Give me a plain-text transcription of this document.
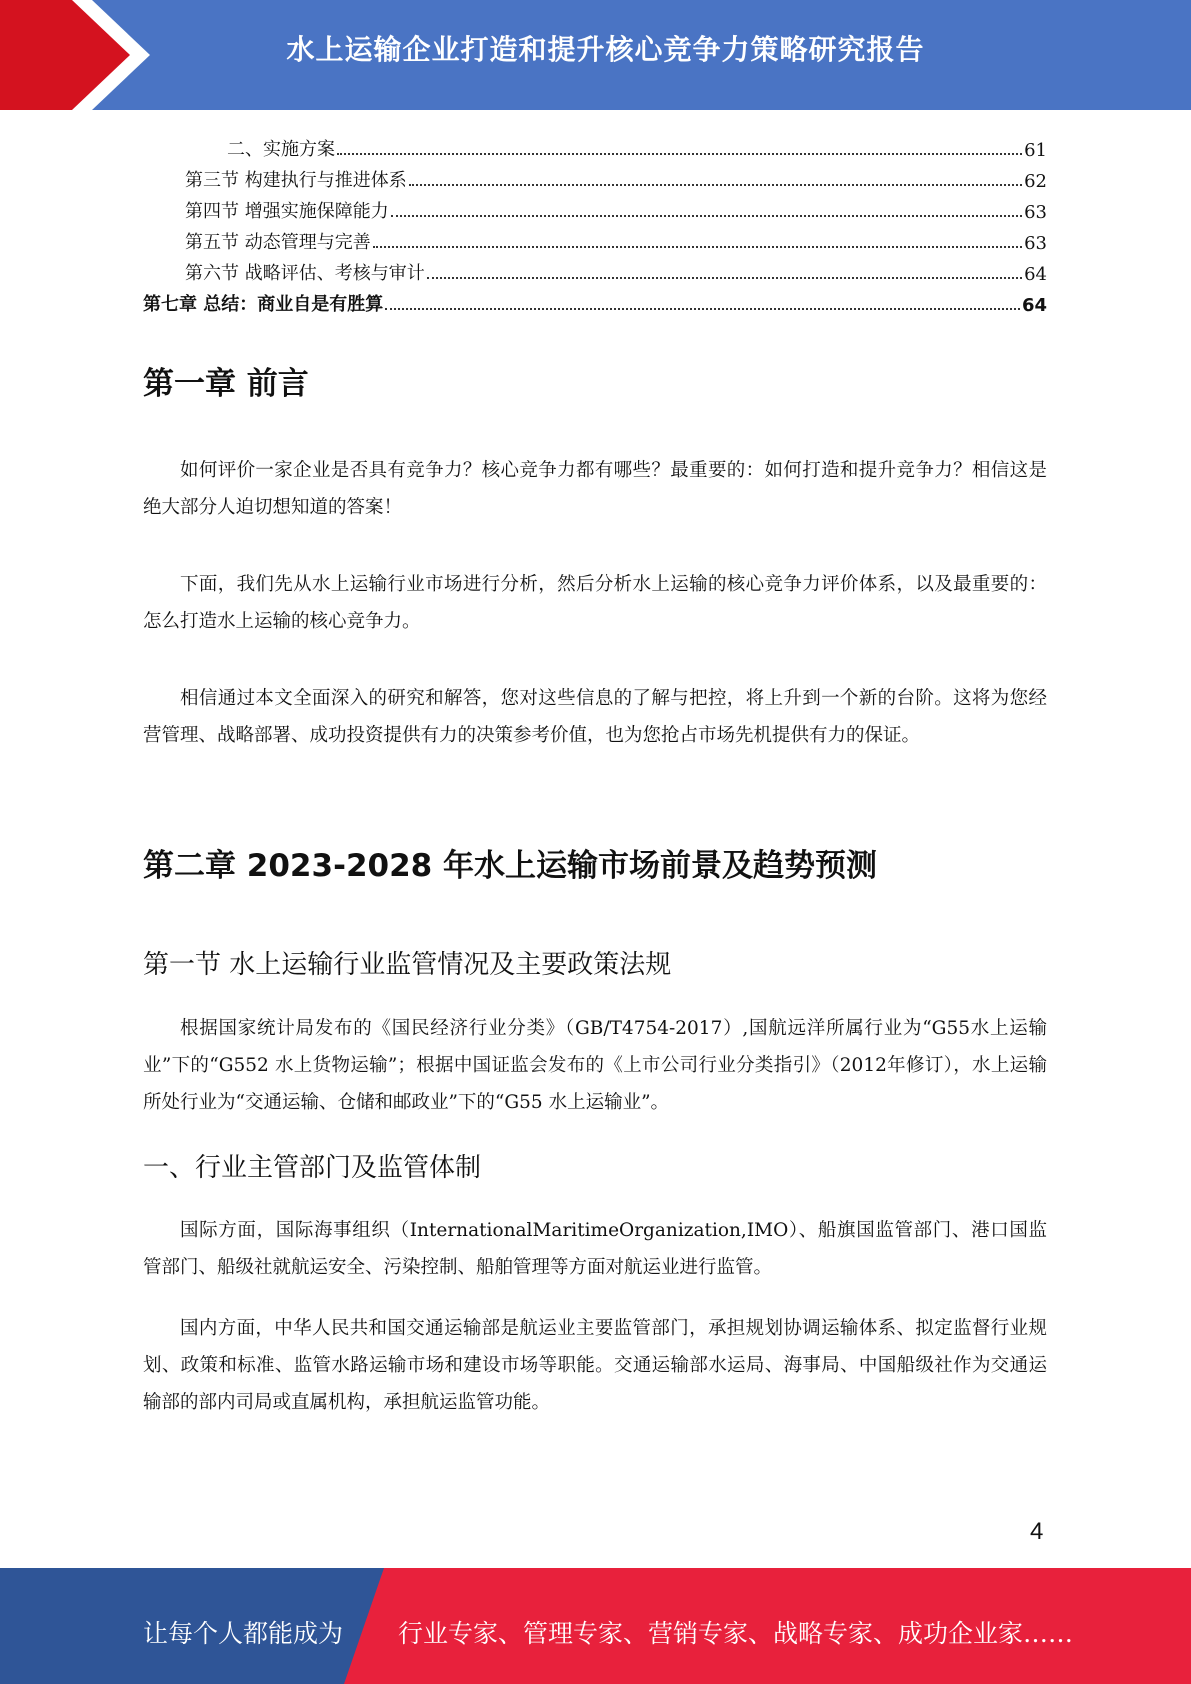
水上运输企业打造和提升核心竞争力策略研究报告
二、实施方案	61
第三节 构建执行与推进体系	62
第四节 增强实施保障能力	63
第五节 动态管理与完善	63
第六节 战略评估、考核与审计	64
第七章 总结：商业自是有胜算	64
第一章 前言

如何评价一家企业是否具有竞争力？核心竞争力都有哪些？最重要的：如何打造和提升竞争力？相信这是绝大部分人迫切想知道的答案！

下面，我们先从水上运输行业市场进行分析，然后分析水上运输的核心竞争力评价体系，以及最重要的：怎么打造水上运输的核心竞争力。

相信通过本文全面深入的研究和解答，您对这些信息的了解与把控，将上升到一个新的台阶。这将为您经营管理、战略部署、成功投资提供有力的决策参考价值，也为您抢占市场先机提供有力的保证。

第二章 2023-2028 年水上运输市场前景及趋势预测
第一节 水上运输行业监管情况及主要政策法规

根据国家统计局发布的《国民经济行业分类》（GB/T4754-2017）,国航远洋所属行业为“G55水上运输业”下的“G552 水上货物运输”；根据中国证监会发布的《上市公司行业分类指引》（2012年修订），水上运输所处行业为“交通运输、仓储和邮政业”下的“G55 水上运输业”。

一、行业主管部门及监管体制

国际方面，国际海事组织（InternationalMaritimeOrganization,IMO）、船旗国监管部门、港口国监管部门、船级社就航运安全、污染控制、船舶管理等方面对航运业进行监管。

国内方面，中华人民共和国交通运输部是航运业主要监管部门，承担规划协调运输体系、拟定监督行业规划、政策和标准、监管水路运输市场和建设市场等职能。交通运输部水运局、海事局、中国船级社作为交通运输部的部内司局或直属机构，承担航运监管功能。

4
让每个人都能成为 行业专家、管理专家、营销专家、战略专家、成功企业家……
